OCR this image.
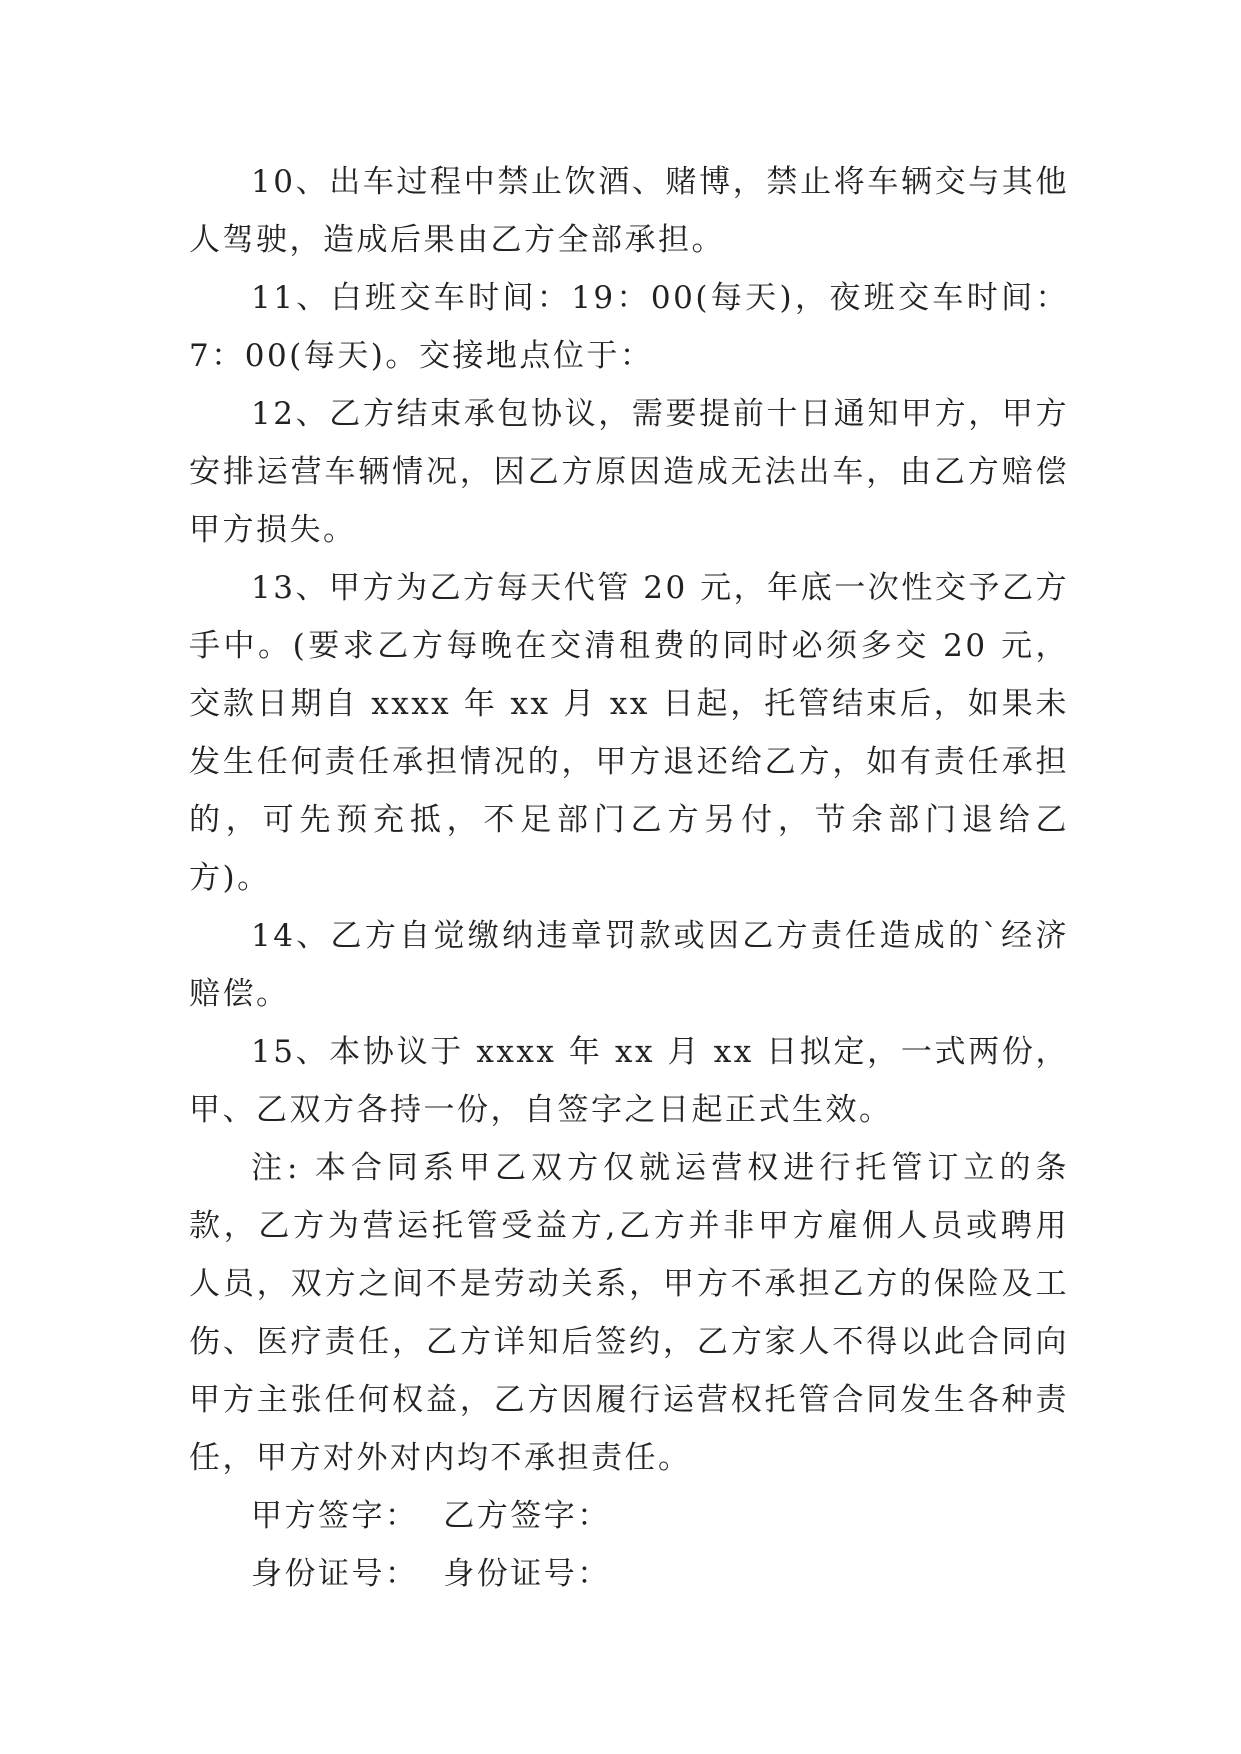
10、出车过程中禁止饮酒、赌博，禁止将车辆交与其他人驾驶，造成后果由乙方全部承担。

11、白班交车时间：19：00(每天)，夜班交车时间：7：00(每天)。交接地点位于：

12、乙方结束承包协议，需要提前十日通知甲方，甲方安排运营车辆情况，因乙方原因造成无法出车，由乙方赔偿甲方损失。

13、甲方为乙方每天代管 20 元，年底一次性交予乙方手中。(要求乙方每晚在交清租费的同时必须多交 20 元，交款日期自 xxxx 年 xx 月 xx 日起，托管结束后，如果未发生任何责任承担情况的，甲方退还给乙方，如有责任承担的，可先预充抵，不足部门乙方另付，节余部门退给乙方)。

14、乙方自觉缴纳违章罚款或因乙方责任造成的`经济赔偿。

15、本协议于 xxxx 年 xx 月 xx 日拟定，一式两份，甲、乙双方各持一份，自签字之日起正式生效。

注: 本合同系甲乙双方仅就运营权进行托管订立的条款，乙方为营运托管受益方,乙方并非甲方雇佣人员或聘用人员，双方之间不是劳动关系，甲方不承担乙方的保险及工伤、医疗责任，乙方详知后签约，乙方家人不得以此合同向甲方主张任何权益，乙方因履行运营权托管合同发生各种责任，甲方对外对内均不承担责任。

甲方签字：  乙方签字：

身份证号：  身份证号：
